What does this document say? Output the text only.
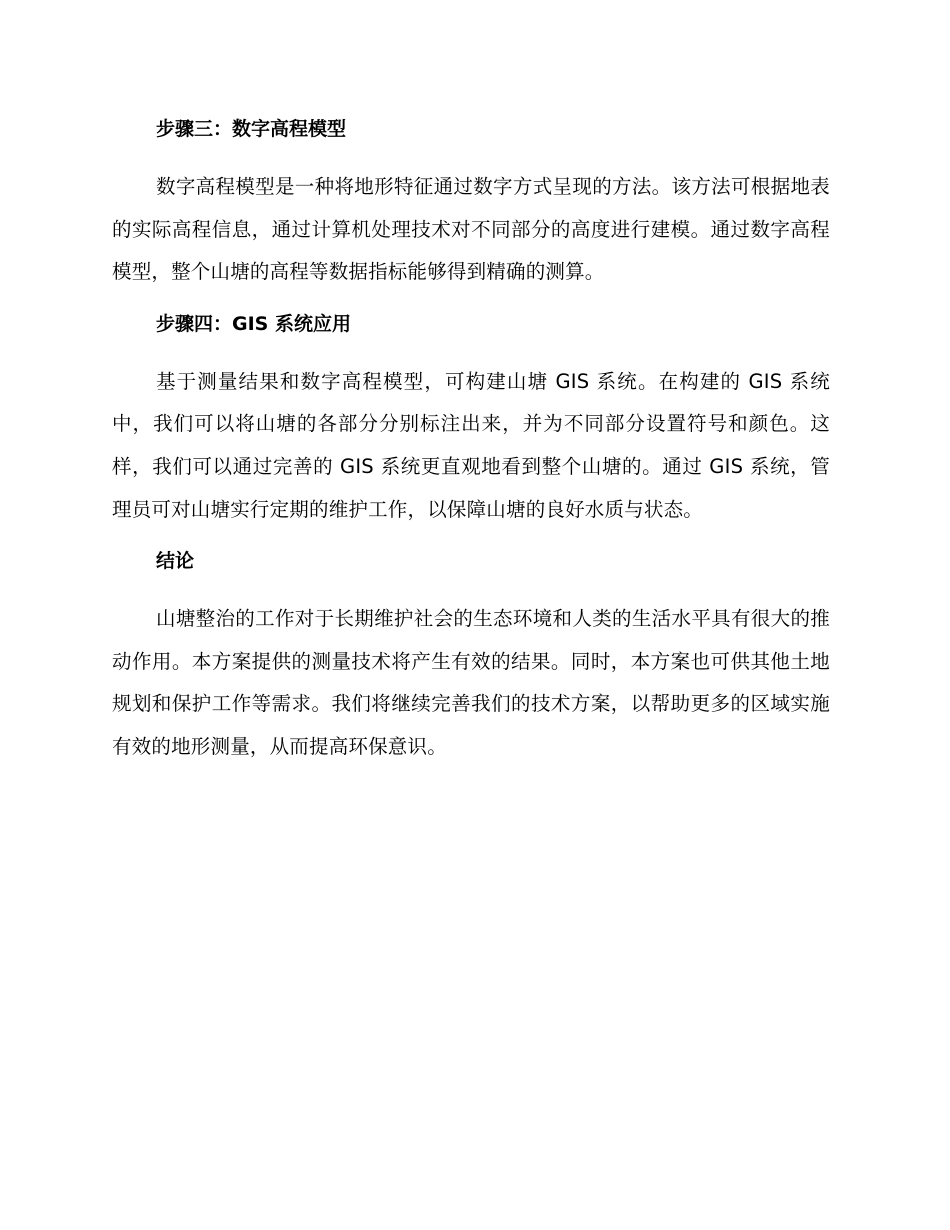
步骤三：数字高程模型

数字高程模型是一种将地形特征通过数字方式呈现的方法。该方法可根据地表的实际高程信息，通过计算机处理技术对不同部分的高度进行建模。通过数字高程模型，整个山塘的高程等数据指标能够得到精确的测算。

步骤四：GIS 系统应用

基于测量结果和数字高程模型，可构建山塘 GIS 系统。在构建的 GIS 系统中，我们可以将山塘的各部分分别标注出来，并为不同部分设置符号和颜色。这样，我们可以通过完善的 GIS 系统更直观地看到整个山塘的。通过 GIS 系统，管理员可对山塘实行定期的维护工作，以保障山塘的良好水质与状态。

结论

山塘整治的工作对于长期维护社会的生态环境和人类的生活水平具有很大的推动作用。本方案提供的测量技术将产生有效的结果。同时，本方案也可供其他土地规划和保护工作等需求。我们将继续完善我们的技术方案，以帮助更多的区域实施有效的地形测量，从而提高环保意识。
